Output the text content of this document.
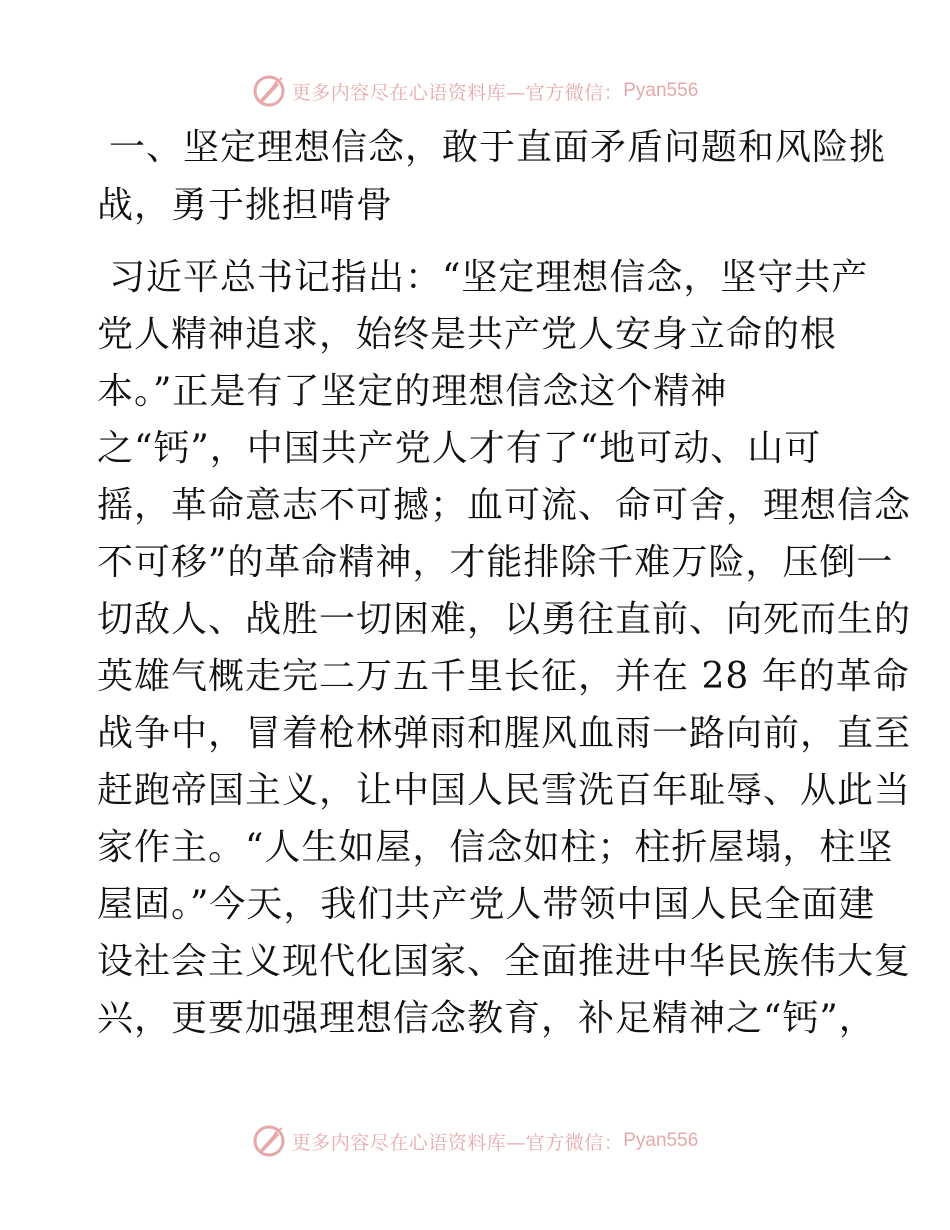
更多内容尽在心语资料库—官方微信： Pyan556
一、坚定理想信念，敢于直面矛盾问题和风险挑
战，勇于挑担啃骨
习近平总书记指出：“坚定理想信念，坚守共产
党人精神追求，始终是共产党人安身立命的根
本。”正是有了坚定的理想信念这个精神
之“钙”，中国共产党人才有了“地可动、山可
摇，革命意志不可撼；血可流、命可舍，理想信念
不可移”的革命精神，才能排除千难万险，压倒一
切敌人、战胜一切困难，以勇往直前、向死而生的
英雄气概走完二万五千里长征，并在 28 年的革命
战争中，冒着枪林弹雨和腥风血雨一路向前，直至
赶跑帝国主义，让中国人民雪洗百年耻辱、从此当
家作主。“人生如屋，信念如柱；柱折屋塌，柱坚
屋固。”今天，我们共产党人带领中国人民全面建
设社会主义现代化国家、全面推进中华民族伟大复
兴，更要加强理想信念教育，补足精神之“钙”，
更多内容尽在心语资料库—官方微信： Pyan556
